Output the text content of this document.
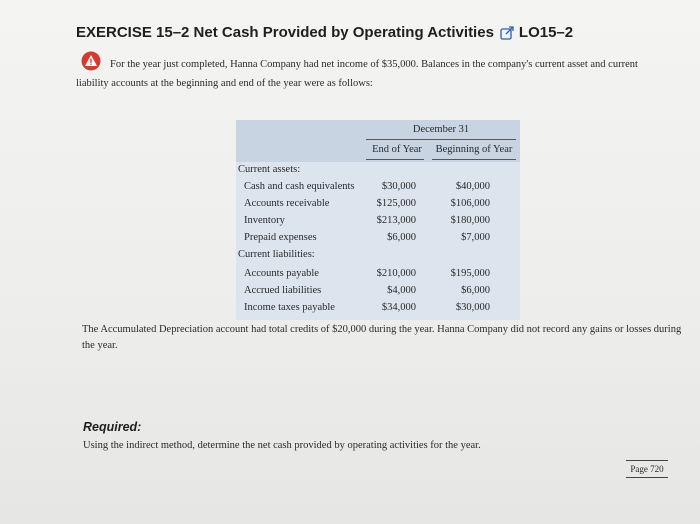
EXERCISE 15–2 Net Cash Provided by Operating Activities LO15–2
For the year just completed, Hanna Company had net income of $35,000. Balances in the company's current asset and current
liability accounts at the beginning and end of the year were as follows:
December 31
End of Year	Beginning of Year
Current assets:
Cash and cash equivalents	$30,000	$40,000
Accounts receivable	$125,000	$106,000
Inventory	$213,000	$180,000
Prepaid expenses	$6,000	$7,000
Current liabilities:
Accounts payable	$210,000	$195,000
Accrued liabilities	$4,000	$6,000
Income taxes payable	$34,000	$30,000
The Accumulated Depreciation account had total credits of $20,000 during the year. Hanna Company did not record any gains or losses during the year.
Required:
Using the indirect method, determine the net cash provided by operating activities for the year.
Page 720
